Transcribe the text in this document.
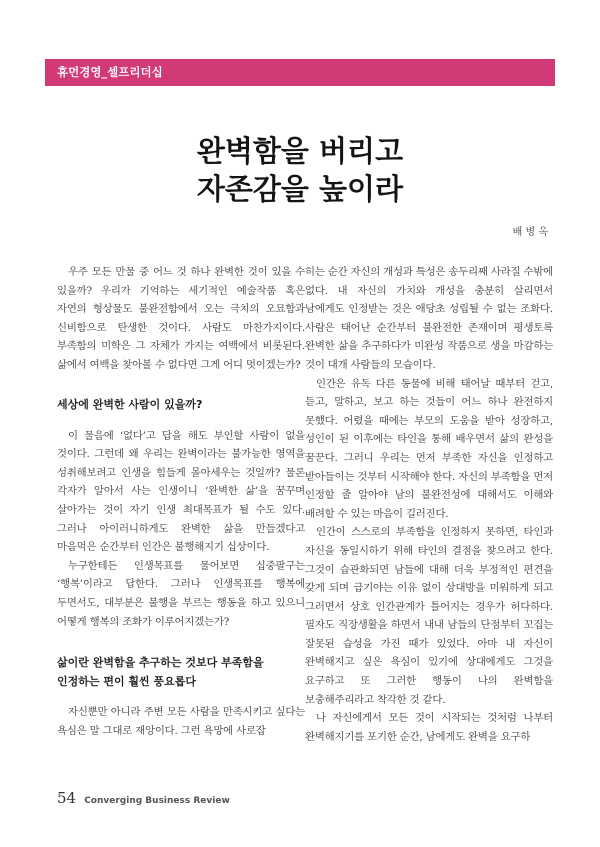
휴먼경영_셀프리더십
완벽함을 버리고
자존감을 높이라
배 병 옥

우주 모든 만물 중 어느 것 하나 완벽한 것이 있을 수 있을까? 우리가 기억하는 세기적인 예술작품 혹은 자연의 형상물도 불완전함에서 오는 극치의 오묘함과 신비함으로 탄생한 것이다. 사람도 마찬가지이다. 부족함의 미학은 그 자체가 가지는 여백에서 비롯된다. 삶에서 여백을 찾아볼 수 없다면 그게 어디 멋이겠는가?

세상에 완벽한 사람이 있을까?

이 물음에 ‘없다’고 답을 해도 부인할 사람이 없을 것이다. 그런데 왜 우리는 완벽이라는 불가능한 영역을 성취해보려고 인생을 힘들게 몰아세우는 것일까? 물론 각자가 알아서 사는 인생이니 ‘완벽한 삶’을 꿈꾸며 살아가는 것이 자기 인생 최대목표가 될 수도 있다. 그러나 아이러니하게도 완벽한 삶을 만들겠다고 마음먹은 순간부터 인간은 불행해지기 십상이다.

누구한테든 인생목표를 물어보면 십중팔구는 ‘행복’이라고 답한다. 그러나 인생목표를 행복에 두면서도, 대부분은 불행을 부르는 행동을 하고 있으니 어떻게 행복의 조화가 이루어지겠는가?

삶이란 완벽함을 추구하는 것보다 부족함을
인정하는 편이 훨씬 풍요롭다

자신뿐만 아니라 주변 모든 사람을 만족시키고 싶다는 욕심은 말 그대로 재앙이다. 그런 욕망에 사로잡

히는 순간 자신의 개성과 특성은 송두리째 사라질 수밖에 없다. 내 자신의 가치와 개성을 충분히 살리면서 남에게도 인정받는 것은 애당초 성립될 수 없는 조화다. 사람은 태어난 순간부터 불완전한 존재이며 평생토록 완벽한 삶을 추구하다가 미완성 작품으로 생을 마감하는 것이 대개 사람들의 모습이다.

인간은 유독 다른 동물에 비해 태어날 때부터 걷고, 듣고, 말하고, 보고 하는 것들이 어느 하나 완전하지 못했다. 어렸을 때에는 부모의 도움을 받아 성장하고, 성인이 된 이후에는 타인을 통해 배우면서 삶의 완성을 꿈꾼다. 그러니 우리는 먼저 부족한 자신을 인정하고 받아들이는 것부터 시작해야 한다. 자신의 부족함을 먼저 인정할 줄 알아야 남의 불완전성에 대해서도 이해와 배려할 수 있는 마음이 길러진다.

인간이 스스로의 부족함을 인정하지 못하면, 타인과 자신을 동일시하기 위해 타인의 결점을 찾으려고 한다. 그것이 습관화되면 남들에 대해 더욱 부정적인 편견을 갖게 되며 급기야는 이유 없이 상대방을 미워하게 되고 그러면서 상호 인간관계가 틀어지는 경우가 허다하다. 필자도 직장생활을 하면서 내내 남들의 단점부터 꼬집는 잘못된 습성을 가진 때가 있었다. 아마 내 자신이 완벽해지고 싶은 욕심이 있기에 상대에게도 그것을 요구하고 또 그러한 행동이 나의 완벽함을 보충해주리라고 착각한 것 같다.

나 자신에게서 모든 것이 시작되는 것처럼 나부터 완벽해지기를 포기한 순간, 남에게도 완벽을 요구하

54 Converging Business Review
